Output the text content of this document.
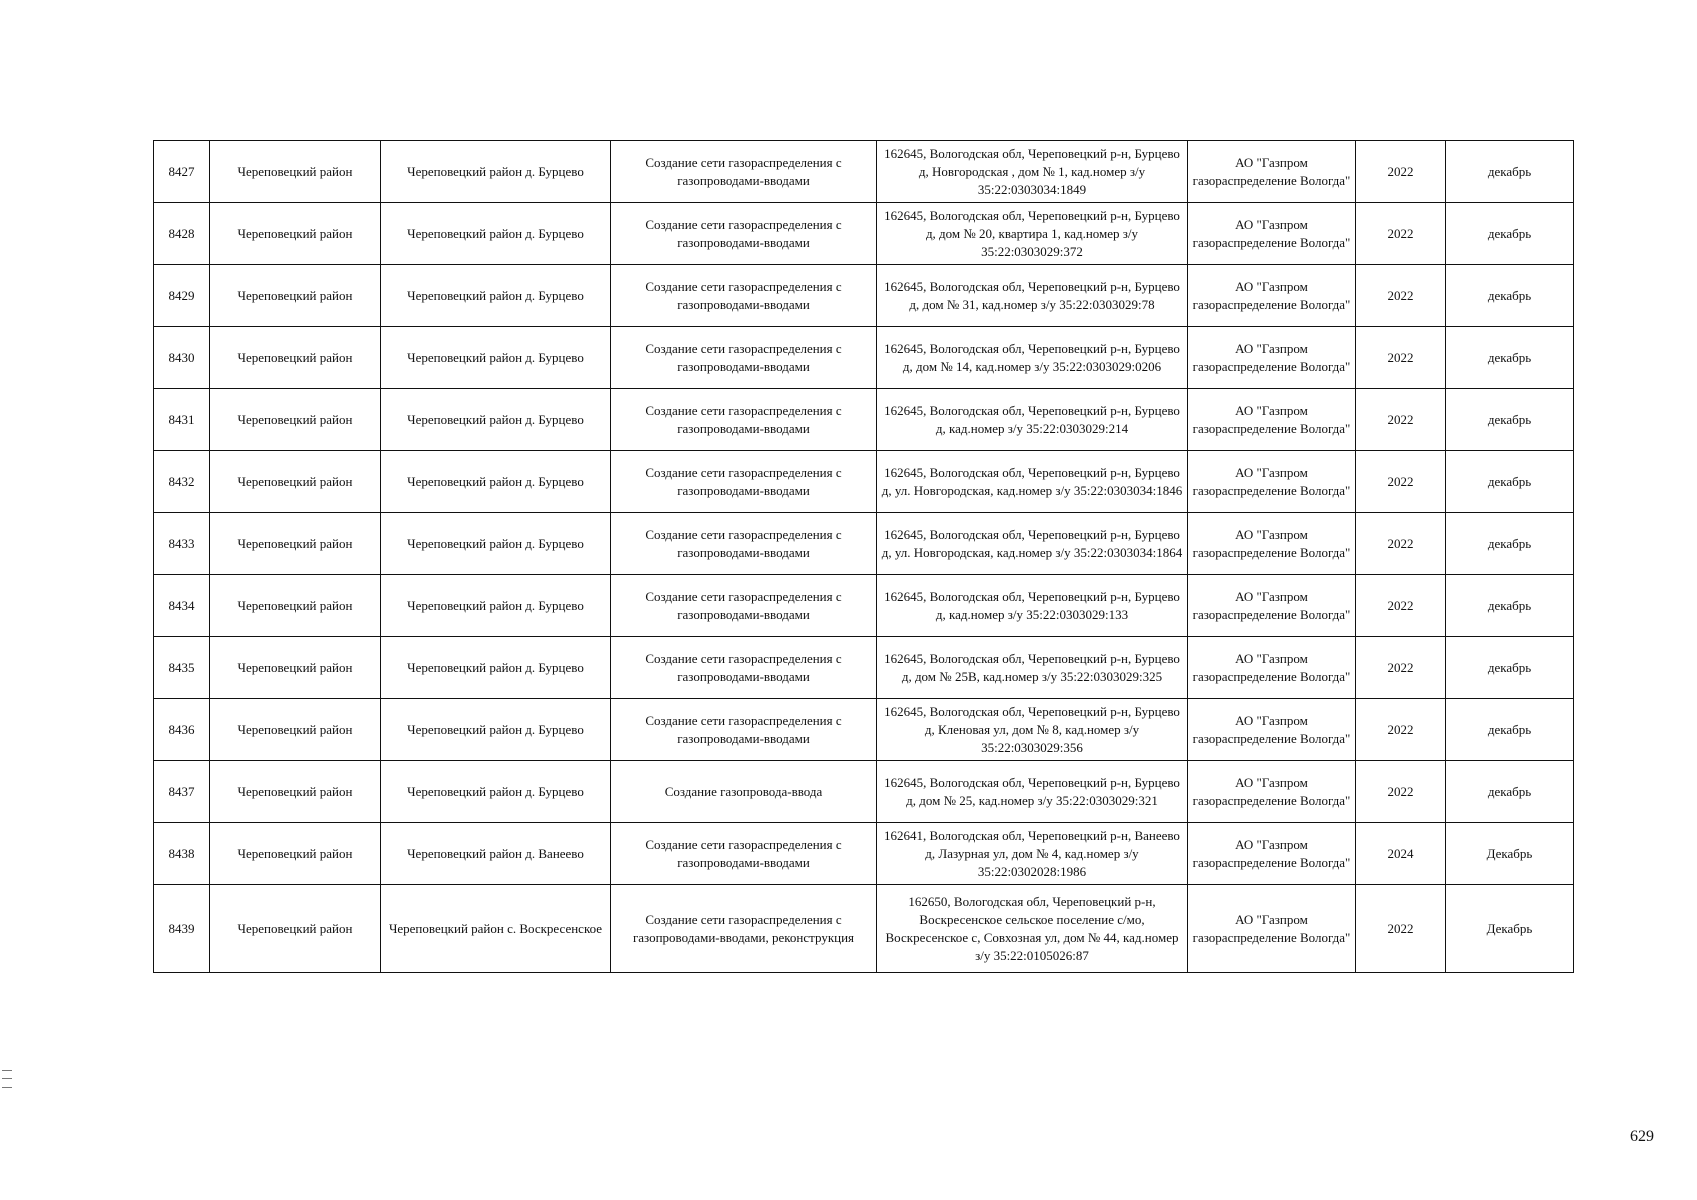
8427	Череповецкий район	Череповецкий район д. Бурцево	Создание сети газораспределения с газопроводами-вводами	162645, Вологодская обл, Череповецкий р-н, Бурцево д, Новгородская , дом № 1, кад.номер з/у 35:22:0303034:1849	АО "Газпром газораспределение Вологда"	2022	декабрь
8428	Череповецкий район	Череповецкий район д. Бурцево	Создание сети газораспределения с газопроводами-вводами	162645, Вологодская обл, Череповецкий р-н, Бурцево д, дом № 20, квартира 1, кад.номер з/у 35:22:0303029:372	АО "Газпром газораспределение Вологда"	2022	декабрь
8429	Череповецкий район	Череповецкий район д. Бурцево	Создание сети газораспределения с газопроводами-вводами	162645, Вологодская обл, Череповецкий р-н, Бурцево д, дом № 31, кад.номер з/у 35:22:0303029:78	АО "Газпром газораспределение Вологда"	2022	декабрь
8430	Череповецкий район	Череповецкий район д. Бурцево	Создание сети газораспределения с газопроводами-вводами	162645, Вологодская обл, Череповецкий р-н, Бурцево д, дом № 14, кад.номер з/у 35:22:0303029:0206	АО "Газпром газораспределение Вологда"	2022	декабрь
8431	Череповецкий район	Череповецкий район д. Бурцево	Создание сети газораспределения с газопроводами-вводами	162645, Вологодская обл, Череповецкий р-н, Бурцево д, кад.номер з/у 35:22:0303029:214	АО "Газпром газораспределение Вологда"	2022	декабрь
8432	Череповецкий район	Череповецкий район д. Бурцево	Создание сети газораспределения с газопроводами-вводами	162645, Вологодская обл, Череповецкий р-н, Бурцево д, ул. Новгородская, кад.номер з/у 35:22:0303034:1846	АО "Газпром газораспределение Вологда"	2022	декабрь
8433	Череповецкий район	Череповецкий район д. Бурцево	Создание сети газораспределения с газопроводами-вводами	162645, Вологодская обл, Череповецкий р-н, Бурцево д, ул. Новгородская, кад.номер з/у 35:22:0303034:1864	АО "Газпром газораспределение Вологда"	2022	декабрь
8434	Череповецкий район	Череповецкий район д. Бурцево	Создание сети газораспределения с газопроводами-вводами	162645, Вологодская обл, Череповецкий р-н, Бурцево д, кад.номер з/у 35:22:0303029:133	АО "Газпром газораспределение Вологда"	2022	декабрь
8435	Череповецкий район	Череповецкий район д. Бурцево	Создание сети газораспределения с газопроводами-вводами	162645, Вологодская обл, Череповецкий р-н, Бурцево д, дом № 25В, кад.номер з/у 35:22:0303029:325	АО "Газпром газораспределение Вологда"	2022	декабрь
8436	Череповецкий район	Череповецкий район д. Бурцево	Создание сети газораспределения с газопроводами-вводами	162645, Вологодская обл, Череповецкий р-н, Бурцево д, Кленовая ул, дом № 8, кад.номер з/у 35:22:0303029:356	АО "Газпром газораспределение Вологда"	2022	декабрь
8437	Череповецкий район	Череповецкий район д. Бурцево	Создание газопровода-ввода	162645, Вологодская обл, Череповецкий р-н, Бурцево д, дом № 25, кад.номер з/у 35:22:0303029:321	АО "Газпром газораспределение Вологда"	2022	декабрь
8438	Череповецкий район	Череповецкий район д. Ванеево	Создание сети газораспределения с газопроводами-вводами	162641, Вологодская обл, Череповецкий р-н, Ванеево д, Лазурная ул, дом № 4, кад.номер з/у 35:22:0302028:1986	АО "Газпром газораспределение Вологда"	2024	Декабрь
8439	Череповецкий район	Череповецкий район с. Воскресенское	Создание сети газораспределения с газопроводами-вводами, реконструкция	162650, Вологодская обл, Череповецкий р-н, Воскресенское сельское поселение с/мо, Воскресенское с, Совхозная ул, дом № 44, кад.номер з/у 35:22:0105026:87	АО "Газпром газораспределение Вологда"	2022	Декабрь
629
